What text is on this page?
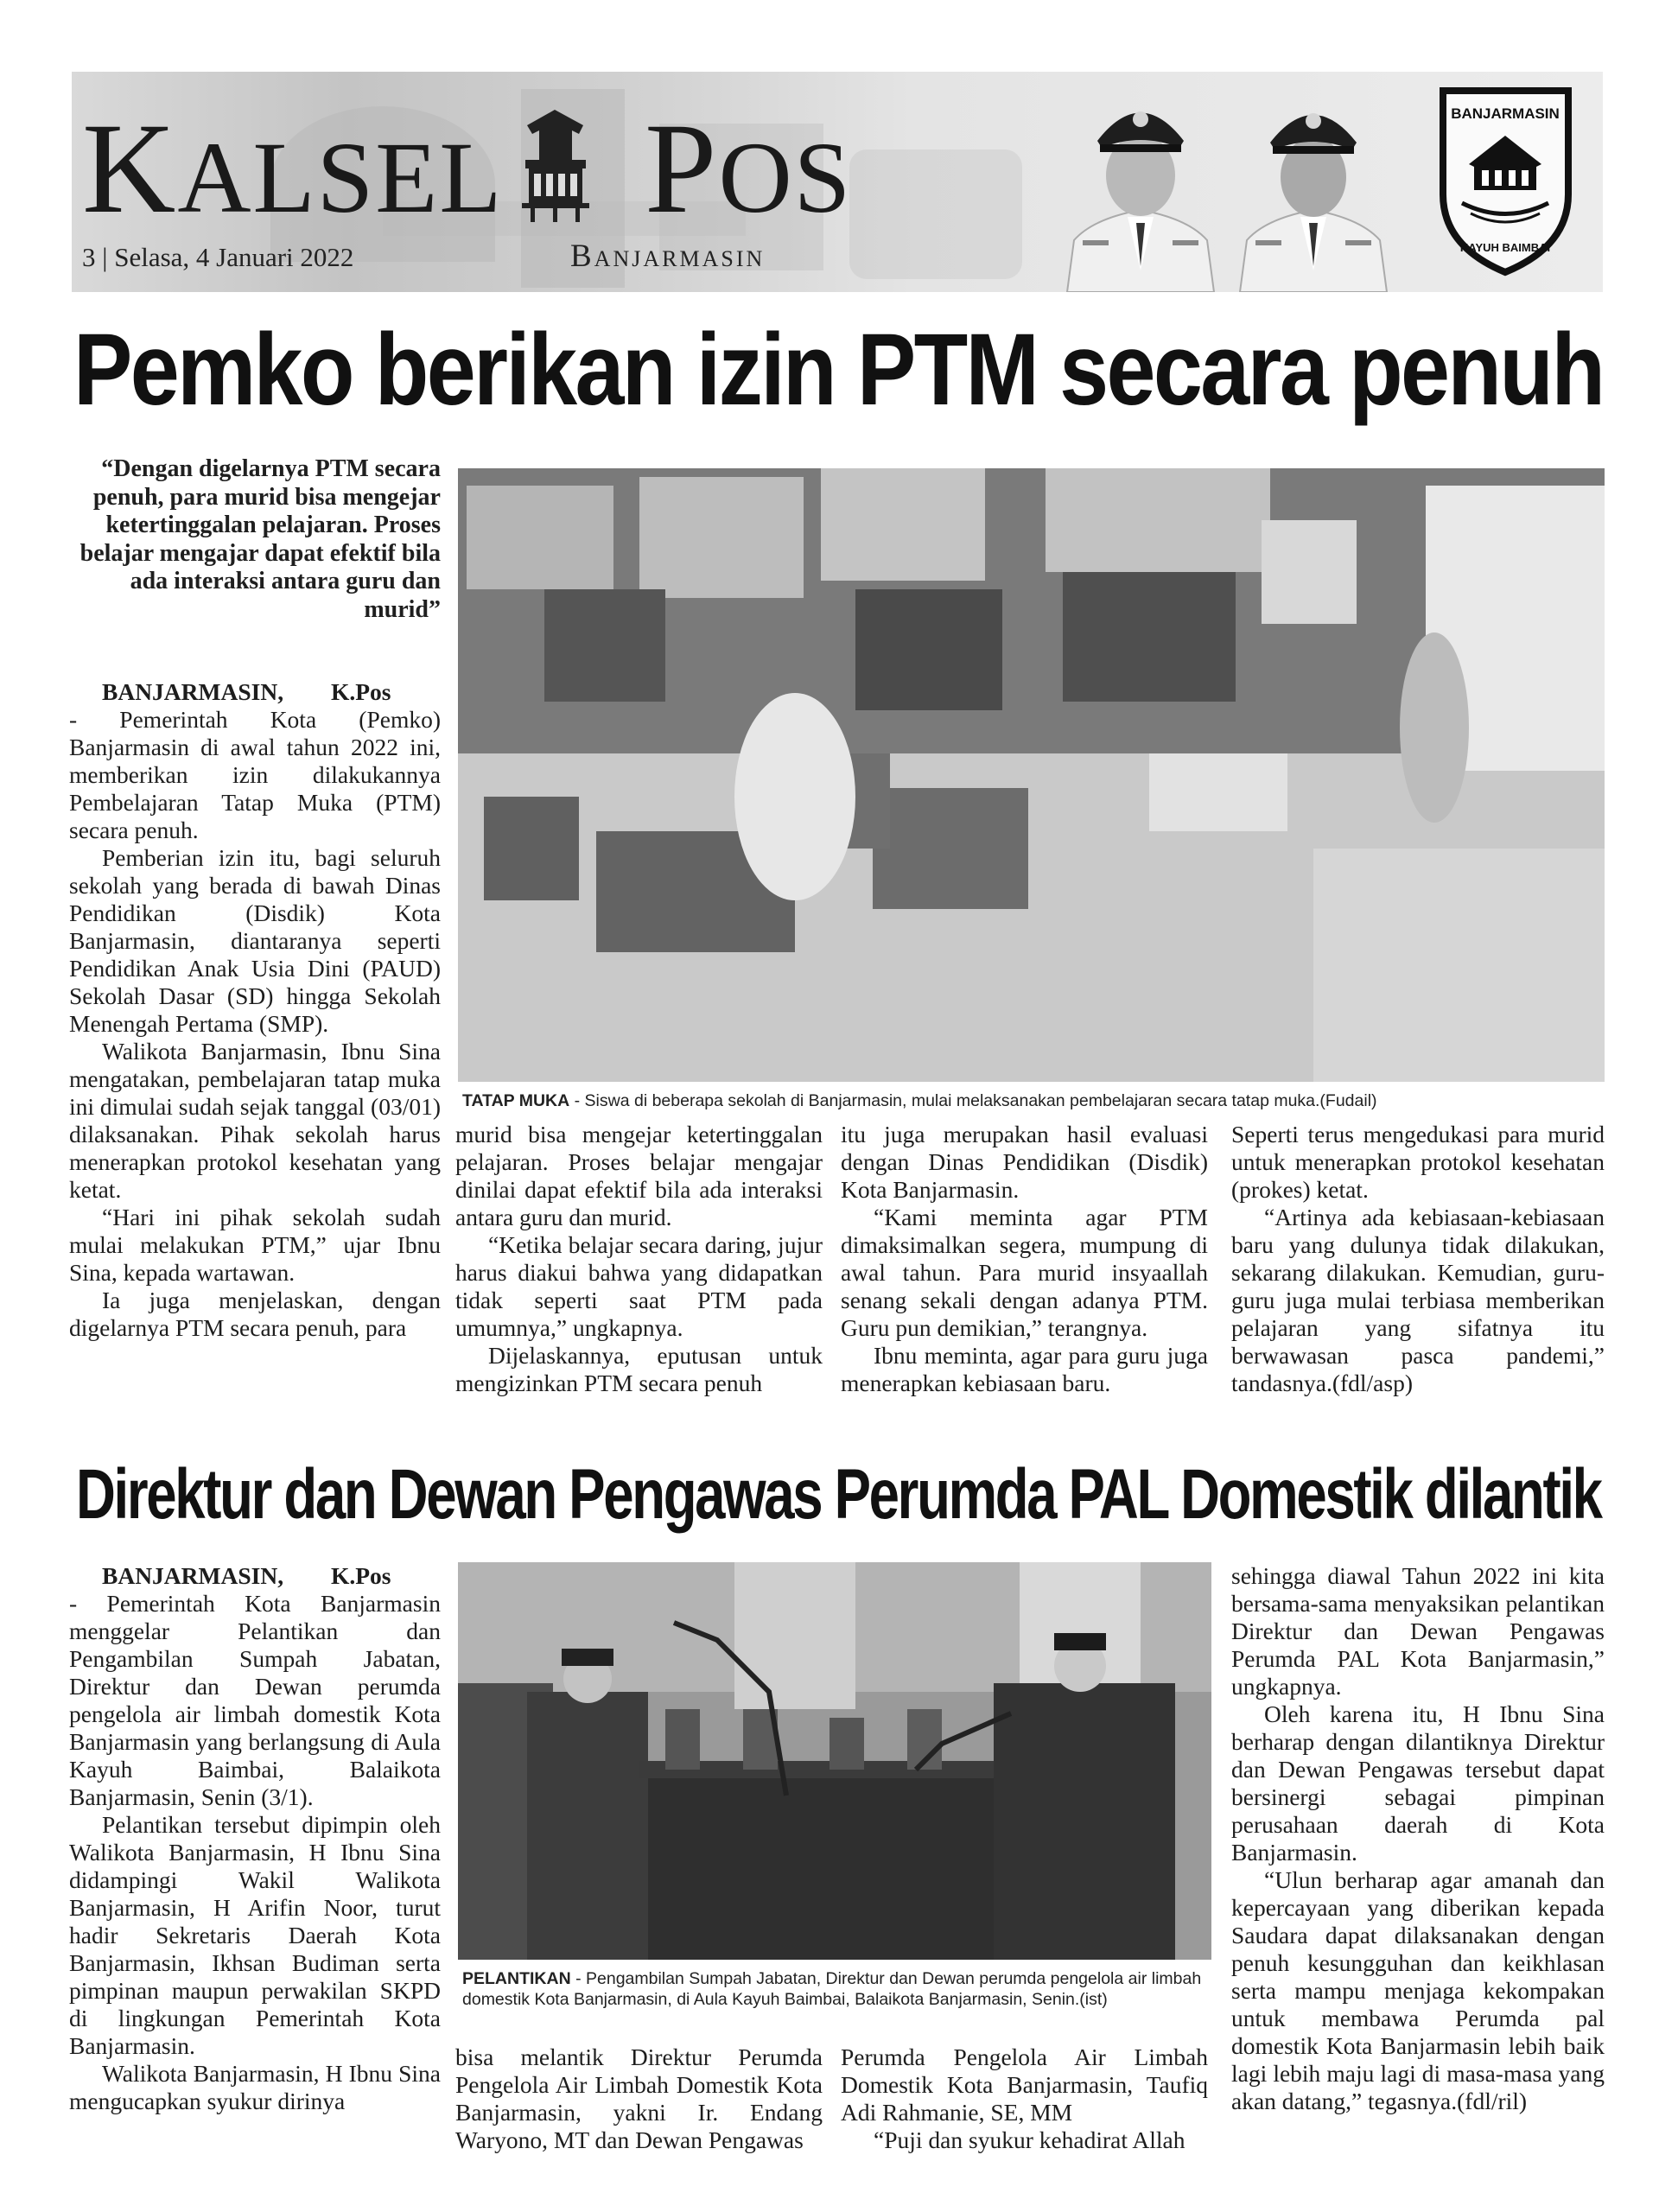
KALSEL POS
3 | Selasa, 4 Januari 2022	Banjarmasin
BANJARMASIN
KAYUH BAIMBAI
Pemko berikan izin PTM secara penuh
“Dengan digelarnya PTM secara penuh, para murid bisa mengejar ketertinggalan pelajaran. Proses belajar mengajar dapat efektif bila ada interaksi antara guru dan murid”
TATAP MUKA - Siswa di beberapa sekolah di Banjarmasin, mulai melaksanakan pembelajaran secara tatap muka.(Fudail)

BANJARMASIN, K.Pos

- Pemerintah Kota (Pemko) Banjarmasin di awal tahun 2022 ini, memberikan izin dilakukannya Pembelajaran Tatap Muka (PTM) secara penuh.

Pemberian izin itu, bagi seluruh sekolah yang berada di bawah Dinas Pendidikan (Disdik) Kota Banjarmasin, diantaranya seperti Pendidikan Anak Usia Dini (PAUD) Sekolah Dasar (SD) hingga Sekolah Menengah Pertama (SMP).

Walikota Banjarmasin, Ibnu Sina mengatakan, pembelajaran tatap muka ini dimulai sudah sejak tanggal (03/01) dilaksanakan. Pihak sekolah harus menerapkan protokol kesehatan yang ketat.

“Hari ini pihak sekolah sudah mulai melakukan PTM,” ujar Ibnu Sina, kepada wartawan.

Ia juga menjelaskan, dengan digelarnya PTM secara penuh, para

murid bisa mengejar ketertinggalan pelajaran. Proses belajar mengajar dinilai dapat efektif bila ada interaksi antara guru dan murid.

“Ketika belajar secara daring, jujur harus diakui bahwa yang didapatkan tidak seperti saat PTM pada umumnya,” ungkapnya.

Dijelaskannya, eputusan untuk mengizinkan PTM secara penuh

itu juga merupakan hasil evaluasi dengan Dinas Pendidikan (Disdik) Kota Banjarmasin.

“Kami meminta agar PTM dimaksimalkan segera, mumpung di awal tahun. Para murid insyaallah senang sekali dengan adanya PTM. Guru pun demikian,” terangnya.

Ibnu meminta, agar para guru juga menerapkan kebiasaan baru.

Seperti terus mengedukasi para murid untuk menerapkan protokol kesehatan (prokes) ketat.

“Artinya ada kebiasaan-kebiasaan baru yang dulunya tidak dilakukan, sekarang dilakukan. Kemudian, guru-guru juga mulai terbiasa memberikan pelajaran yang sifatnya itu berwawasan pasca pandemi,” tandasnya.(fdl/asp)

Direktur dan Dewan Pengawas Perumda PAL Domestik dilantik
PELANTIKAN - Pengambilan Sumpah Jabatan, Direktur dan Dewan perumda pengelola air limbah domestik Kota Banjarmasin, di Aula Kayuh Baimbai, Balaikota Banjarmasin, Senin.(ist)

BANJARMASIN, K.Pos

- Pemerintah Kota Banjarmasin menggelar Pelantikan dan Pengambilan Sumpah Jabatan, Direktur dan Dewan perumda pengelola air limbah domestik Kota Banjarmasin yang berlangsung di Aula Kayuh Baimbai, Balaikota Banjarmasin, Senin (3/1).

Pelantikan tersebut dipimpin oleh Walikota Banjarmasin, H Ibnu Sina didampingi Wakil Walikota Banjarmasin, H Arifin Noor, turut hadir Sekretaris Daerah Kota Banjarmasin, Ikhsan Budiman serta pimpinan maupun perwakilan SKPD di lingkungan Pemerintah Kota Banjarmasin.

Walikota Banjarmasin, H Ibnu Sina mengucapkan syukur dirinya

bisa melantik Direktur Perumda Pengelola Air Limbah Domestik Kota Banjarmasin, yakni Ir. Endang Waryono, MT dan Dewan Pengawas

Perumda Pengelola Air Limbah Domestik Kota Banjarmasin, Taufiq Adi Rahmanie, SE, MM

“Puji dan syukur kehadirat Allah

sehingga diawal Tahun 2022 ini kita bersama-sama menyaksikan pelantikan Direktur dan Dewan Pengawas Perumda PAL Kota Banjarmasin,” ungkapnya.

Oleh karena itu, H Ibnu Sina berharap dengan dilantiknya Direktur dan Dewan Pengawas tersebut dapat bersinergi sebagai pimpinan perusahaan daerah di Kota Banjarmasin.

“Ulun berharap agar amanah dan kepercayaan yang diberikan kepada Saudara dapat dilaksanakan dengan penuh kesungguhan dan keikhlasan serta mampu menjaga kekompakan untuk membawa Perumda pal domestik Kota Banjarmasin lebih baik lagi lebih maju lagi di masa-masa yang akan datang,” tegasnya.(fdl/ril)
